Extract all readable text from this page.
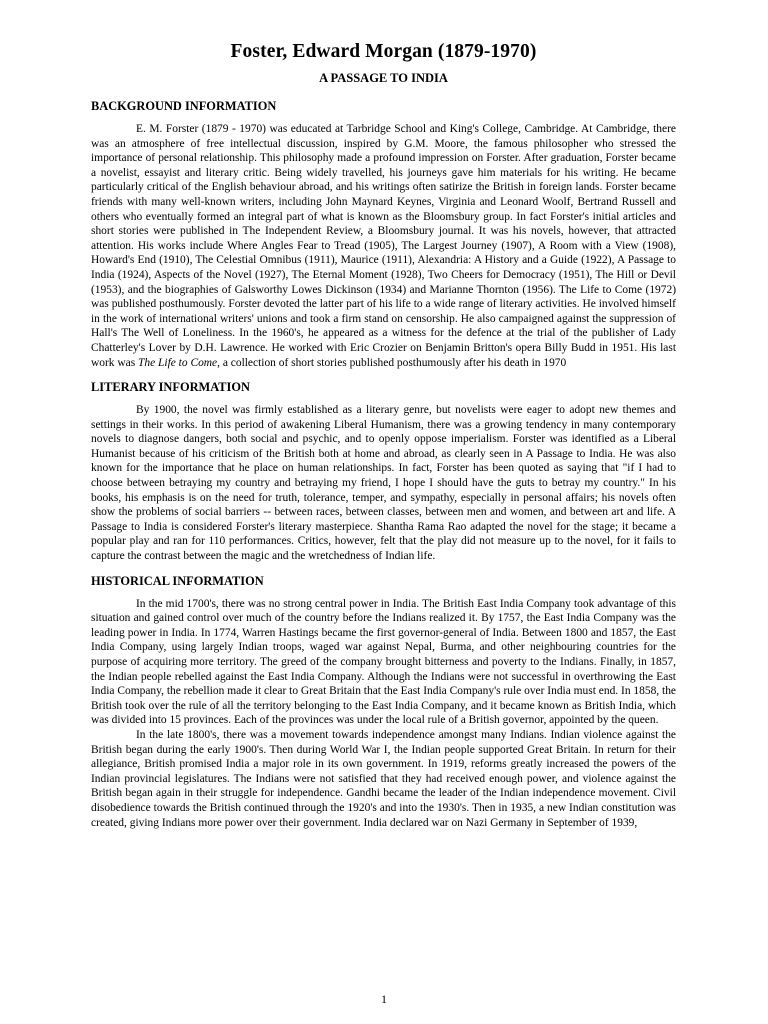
Foster, Edward Morgan (1879-1970)
A PASSAGE TO INDIA
BACKGROUND INFORMATION

E. M. Forster (1879 - 1970) was educated at Tarbridge School and King's College, Cambridge. At Cambridge, there was an atmosphere of free intellectual discussion, inspired by G.M. Moore, the famous philosopher who stressed the importance of personal relationship. This philosophy made a profound impression on Forster. After graduation, Forster became a novelist, essayist and literary critic. Being widely travelled, his journeys gave him materials for his writing. He became particularly critical of the English behaviour abroad, and his writings often satirize the British in foreign lands. Forster became friends with many well-known writers, including John Maynard Keynes, Virginia and Leonard Woolf, Bertrand Russell and others who eventually formed an integral part of what is known as the Bloomsbury group. In fact Forster's initial articles and short stories were published in The Independent Review, a Bloomsbury journal. It was his novels, however, that attracted attention. His works include Where Angles Fear to Tread (1905), The Largest Journey (1907), A Room with a View (1908), Howard's End (1910), The Celestial Omnibus (1911), Maurice (1911), Alexandria: A History and a Guide (1922), A Passage to India (1924), Aspects of the Novel (1927), The Eternal Moment (1928), Two Cheers for Democracy (1951), The Hill or Devil (1953), and the biographies of Galsworthy Lowes Dickinson (1934) and Marianne Thornton (1956). The Life to Come (1972) was published posthumously. Forster devoted the latter part of his life to a wide range of literary activities. He involved himself in the work of international writers' unions and took a firm stand on censorship. He also campaigned against the suppression of Hall's The Well of Loneliness. In the 1960's, he appeared as a witness for the defence at the trial of the publisher of Lady Chatterley's Lover by D.H. Lawrence. He worked with Eric Crozier on Benjamin Britton's opera Billy Budd in 1951. His last work was The Life to Come, a collection of short stories published posthumously after his death in 1970

LITERARY INFORMATION

By 1900, the novel was firmly established as a literary genre, but novelists were eager to adopt new themes and settings in their works. In this period of awakening Liberal Humanism, there was a growing tendency in many contemporary novels to diagnose dangers, both social and psychic, and to openly oppose imperialism. Forster was identified as a Liberal Humanist because of his criticism of the British both at home and abroad, as clearly seen in A Passage to India. He was also known for the importance that he place on human relationships. In fact, Forster has been quoted as saying that "if I had to choose between betraying my country and betraying my friend, I hope I should have the guts to betray my country." In his books, his emphasis is on the need for truth, tolerance, temper, and sympathy, especially in personal affairs; his novels often show the problems of social barriers -- between races, between classes, between men and women, and between art and life. A Passage to India is considered Forster's literary masterpiece. Shantha Rama Rao adapted the novel for the stage; it became a popular play and ran for 110 performances. Critics, however, felt that the play did not measure up to the novel, for it fails to capture the contrast between the magic and the wretchedness of Indian life.

HISTORICAL INFORMATION

In the mid 1700's, there was no strong central power in India. The British East India Company took advantage of this situation and gained control over much of the country before the Indians realized it. By 1757, the East India Company was the leading power in India. In 1774, Warren Hastings became the first governor-general of India. Between 1800 and 1857, the East India Company, using largely Indian troops, waged war against Nepal, Burma, and other neighbouring countries for the purpose of acquiring more territory. The greed of the company brought bitterness and poverty to the Indians. Finally, in 1857, the Indian people rebelled against the East India Company. Although the Indians were not successful in overthrowing the East India Company, the rebellion made it clear to Great Britain that the East India Company's rule over India must end. In 1858, the British took over the rule of all the territory belonging to the East India Company, and it became known as British India, which was divided into 15 provinces. Each of the provinces was under the local rule of a British governor, appointed by the queen.

In the late 1800's, there was a movement towards independence amongst many Indians. Indian violence against the British began during the early 1900's. Then during World War I, the Indian people supported Great Britain. In return for their allegiance, British promised India a major role in its own government. In 1919, reforms greatly increased the powers of the Indian provincial legislatures. The Indians were not satisfied that they had received enough power, and violence against the British began again in their struggle for independence. Gandhi became the leader of the Indian independence movement. Civil disobedience towards the British continued through the 1920's and into the 1930's. Then in 1935, a new Indian constitution was created, giving Indians more power over their government. India declared war on Nazi Germany in September of 1939,

1
